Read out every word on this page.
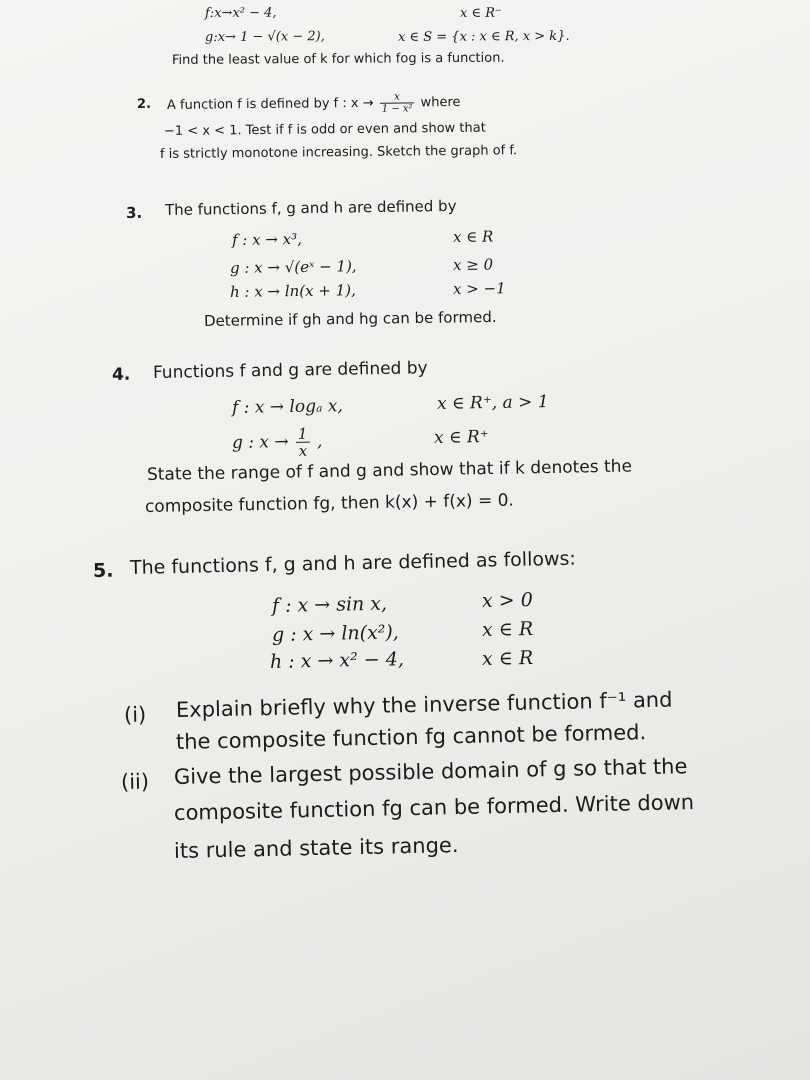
f:x→x² − 4,	x ∈ R⁻
g:x→ 1 − √(x − 2),	x ∈ S = {x : x ∈ R, x > k}.
Find the least value of k for which fog is a function.
2. A function f is defined by f : $x \to \frac{x}{\text{1 − x²}}$ where
−1 < x < 1. Test if f is odd or even and show that
f is strictly monotone increasing. Sketch the graph of f.
3. The functions f, g and h are defined by
f : x → x³,	x ∈ R
g : x → √(eˣ − 1),	x ≥ 0
h : x → ln(x + 1),	x > −1
Determine if gh and hg can be formed.
4. Functions f and g are defined by
f : x → logₐ x,	x ∈ R⁺, a > 1
g : $x \to \frac{1}{x}$ ,	x ∈ R⁺
State the range of f and g and show that if k denotes the
composite function fg, then k(x) + f(x) = 0.
5. The functions f, g and h are defined as follows:
f : x → sin x,	x > 0
g : x → ln(x²),	x ∈ R
h : x → x² − 4,	x ∈ R
(i) Explain briefly why the inverse function f⁻¹ and
the composite function fg cannot be formed.
(ii) Give the largest possible domain of g so that the
composite function fg can be formed. Write down
its rule and state its range.
